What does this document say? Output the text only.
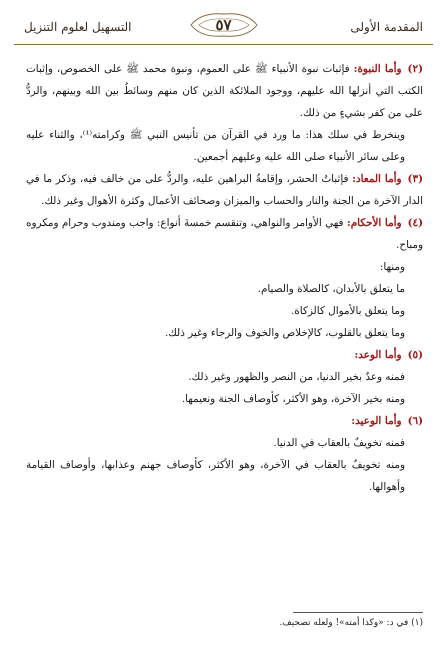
المقدمة الأولى
٥٧
التسهيل لعلوم التنزيل

(٢)وأما النبوة: فإثبات نبوة الأنبياء ﷺ على العموم، ونبوة محمد ﷺ على الخصوص، وإثبات الكتب التي أنزلها الله عليهم، ووجود الملائكة الذين كان منهم وسائطُ بين الله وبينهم، والردُّ على من كفر بشيءٍ من ذلك.

وينخرط في سلك هذا: ما ورد في القرآن من تأنيس النبي ﷺ وكرامته⁽¹⁾، والثناء عليه وعلى سائر الأنبياء صلى الله عليه وعليهم أجمعين.

(٣)وأما المعاد: فإثباتُ الحشر، وإقامةُ البراهين عليه، والردُّ على من خالف فيه، وذكر ما في الدار الآخرة من الجنة والنار والحساب والميزان وصحائف الأعمال وكثرة الأهوال وغير ذلك.

(٤)وأما الأحكام: فهي الأوامر والنواهي، وتنقسم خمسةَ أنواع: واجب ومندوب وحرام ومكروه ومباح.

ومنها:

ما يتعلق بالأبدان، كالصلاة والصيام.

وما يتعلق بالأموال كالزكاة.

وما يتعلق بالقلوب، كالإخلاص والخوف والرجاء وغير ذلك.

(٥)وأما الوعد:

فمنه وعدٌ بخير الدنيا، من النصر والظهور وغير ذلك.

ومنه بخير الآخرة، وهو الأكثر، كأوصاف الجنة ونعيمها.

(٦)وأما الوعيد:

فمنه تخويفٌ بالعقاب في الدنيا.

ومنه تخويفٌ بالعقاب في الآخرة، وهو الأكثر، كأوصاف جهنم وعذابها، وأوصاف القيامة وأهوالها.

(١) في د: «وكذا أمته»! ولعله تصحيف.
